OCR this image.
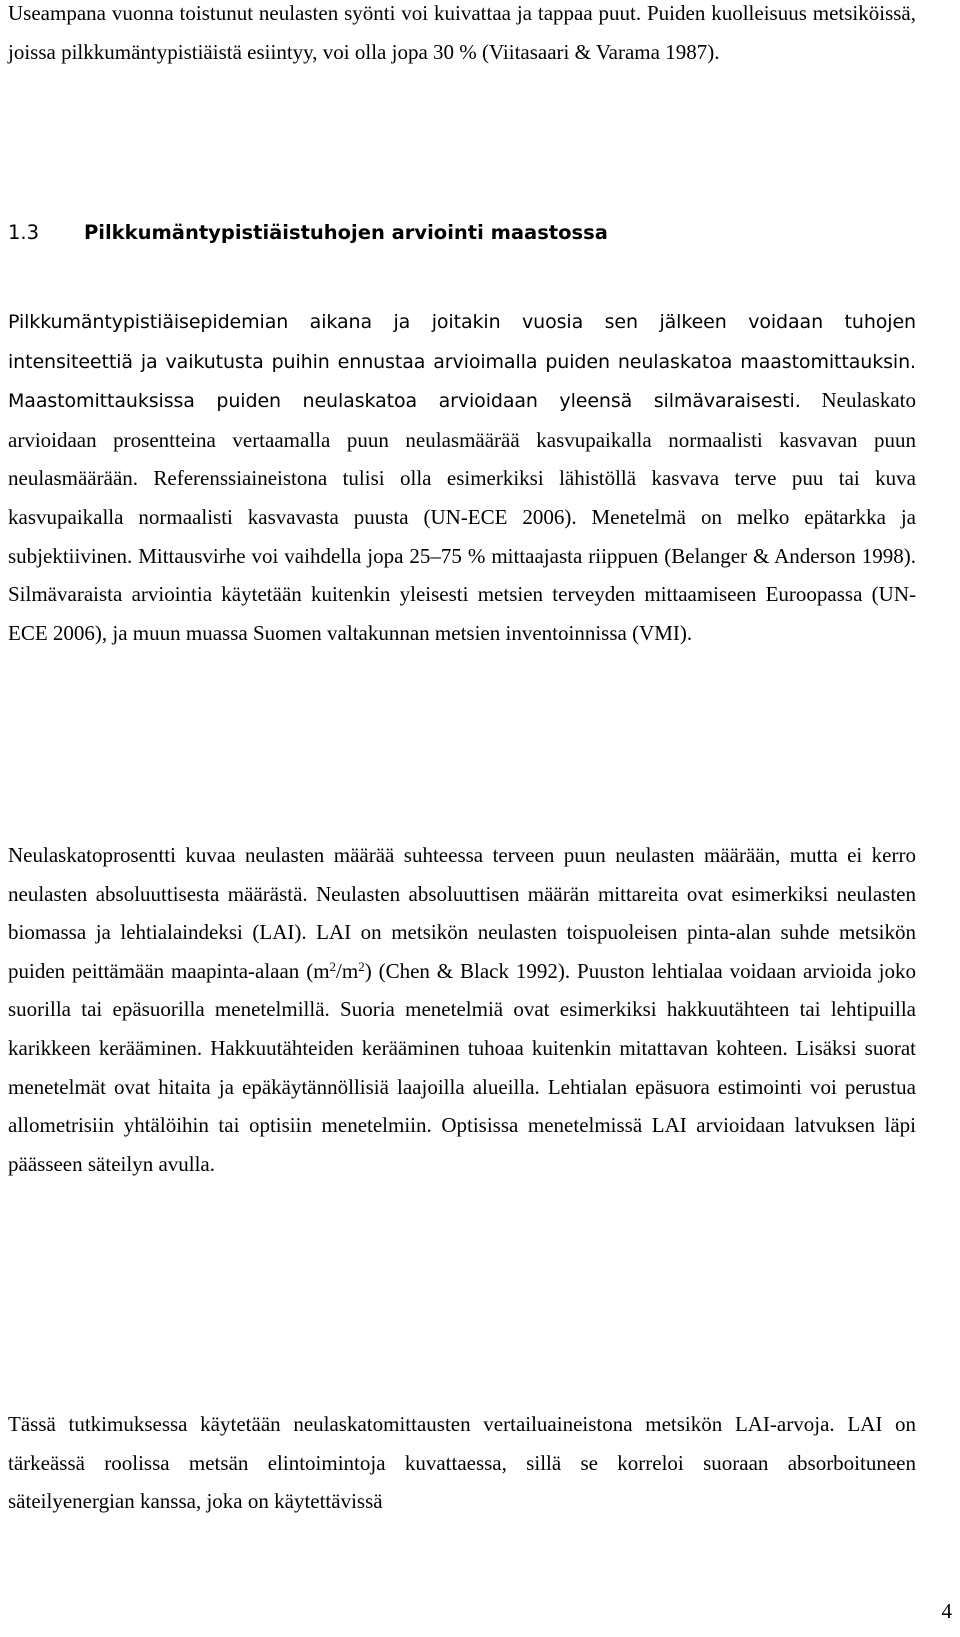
Useampana vuonna toistunut neulasten syönti voi kuivattaa ja tappaa puut. Puiden kuolleisuus metsiköissä, joissa pilkkumäntypistiäistä esiintyy, voi olla jopa 30 % (Viitasaari & Varama 1987).

1.3 Pilkkumäntypistiäistuhojen arviointi maastossa

Pilkkumäntypistiäisepidemian aikana ja joitakin vuosia sen jälkeen voidaan tuhojen intensiteettiä ja vaikutusta puihin ennustaa arvioimalla puiden neulaskatoa maastomittauksin. Maastomittauksissa puiden neulaskatoa arvioidaan yleensä silmävaraisesti. Neulaskato arvioidaan prosentteina vertaamalla puun neulasmäärää kasvupaikalla normaalisti kasvavan puun neulasmäärään. Referenssiaineistona tulisi olla esimerkiksi lähistöllä kasvava terve puu tai kuva kasvupaikalla normaalisti kasvavasta puusta (UN-ECE 2006). Menetelmä on melko epätarkka ja subjektiivinen. Mittausvirhe voi vaihdella jopa 25–75 % mittaajasta riippuen (Belanger & Anderson 1998). Silmävaraista arviointia käytetään kuitenkin yleisesti metsien terveyden mittaamiseen Euroopassa (UN-ECE 2006), ja muun muassa Suomen valtakunnan metsien inventoinnissa (VMI).

Neulaskatoprosentti kuvaa neulasten määrää suhteessa terveen puun neulasten määrään, mutta ei kerro neulasten absoluuttisesta määrästä. Neulasten absoluuttisen määrän mittareita ovat esimerkiksi neulasten biomassa ja lehtialaindeksi (LAI). LAI on metsikön neulasten toispuoleisen pinta-alan suhde metsikön puiden peittämään maapinta-alaan $(m^2/m^2)$ (Chen & Black 1992). Puuston lehtialaa voidaan arvioida joko suorilla tai epäsuorilla menetelmillä. Suoria menetelmiä ovat esimerkiksi hakkuutähteen tai lehtipuilla karikkeen kerääminen. Hakkuutähteiden kerääminen tuhoaa kuitenkin mitattavan kohteen. Lisäksi suorat menetelmät ovat hitaita ja epäkäytännöllisiä laajoilla alueilla. Lehtialan epäsuora estimointi voi perustua allometrisiin yhtälöihin tai optisiin menetelmiin. Optisissa menetelmissä LAI arvioidaan latvuksen läpi päässeen säteilyn avulla.

Tässä tutkimuksessa käytetään neulaskatomittausten vertailuaineistona metsikön LAI-arvoja. LAI on tärkeässä roolissa metsän elintoimintoja kuvattaessa, sillä se korreloi suoraan absorboituneen säteilyenergian kanssa, joka on käytettävissä

4
